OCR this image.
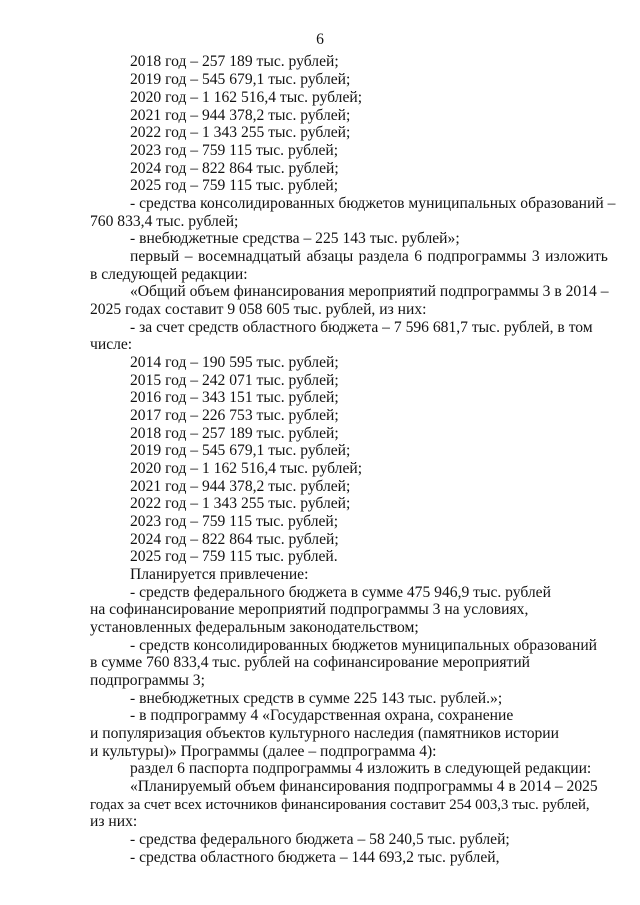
6
2018 год – 257 189 тыс. рублей;
2019 год – 545 679,1 тыс. рублей;
2020 год – 1 162 516,4 тыс. рублей;
2021 год – 944 378,2 тыс. рублей;
2022 год – 1 343 255 тыс. рублей;
2023 год – 759 115 тыс. рублей;
2024 год – 822 864 тыс. рублей;
2025 год – 759 115 тыс. рублей;
- средства консолидированных бюджетов муниципальных образований –
760 833,4 тыс. рублей;
- внебюджетные средства – 225 143 тыс. рублей»;
первый – восемнадцатый абзацы раздела 6 подпрограммы 3 изложить
в следующей редакции:
«Общий объем финансирования мероприятий подпрограммы 3 в 2014 –
2025 годах составит 9 058 605 тыс. рублей, из них:
- за счет средств областного бюджета – 7 596 681,7 тыс. рублей, в том
числе:
2014 год – 190 595 тыс. рублей;
2015 год – 242 071 тыс. рублей;
2016 год – 343 151 тыс. рублей;
2017 год – 226 753 тыс. рублей;
2018 год – 257 189 тыс. рублей;
2019 год – 545 679,1 тыс. рублей;
2020 год – 1 162 516,4 тыс. рублей;
2021 год – 944 378,2 тыс. рублей;
2022 год – 1 343 255 тыс. рублей;
2023 год – 759 115 тыс. рублей;
2024 год – 822 864 тыс. рублей;
2025 год – 759 115 тыс. рублей.
Планируется привлечение:
- средств федерального бюджета в сумме 475 946,9 тыс. рублей
на софинансирование мероприятий подпрограммы 3 на условиях,
установленных федеральным законодательством;
- средств консолидированных бюджетов муниципальных образований
в сумме 760 833,4 тыс. рублей на софинансирование мероприятий
подпрограммы 3;
- внебюджетных средств в сумме 225 143 тыс. рублей.»;
- в подпрограмму 4 «Государственная охрана, сохранение
и популяризация объектов культурного наследия (памятников истории
и культуры)» Программы (далее – подпрограмма 4):
раздел 6 паспорта подпрограммы 4 изложить в следующей редакции:
«Планируемый объем финансирования подпрограммы 4 в 2014 – 2025
годах за счет всех источников финансирования составит 254 003,3 тыс. рублей,
из них:
- средства федерального бюджета – 58 240,5 тыс. рублей;
- средства областного бюджета – 144 693,2 тыс. рублей,
